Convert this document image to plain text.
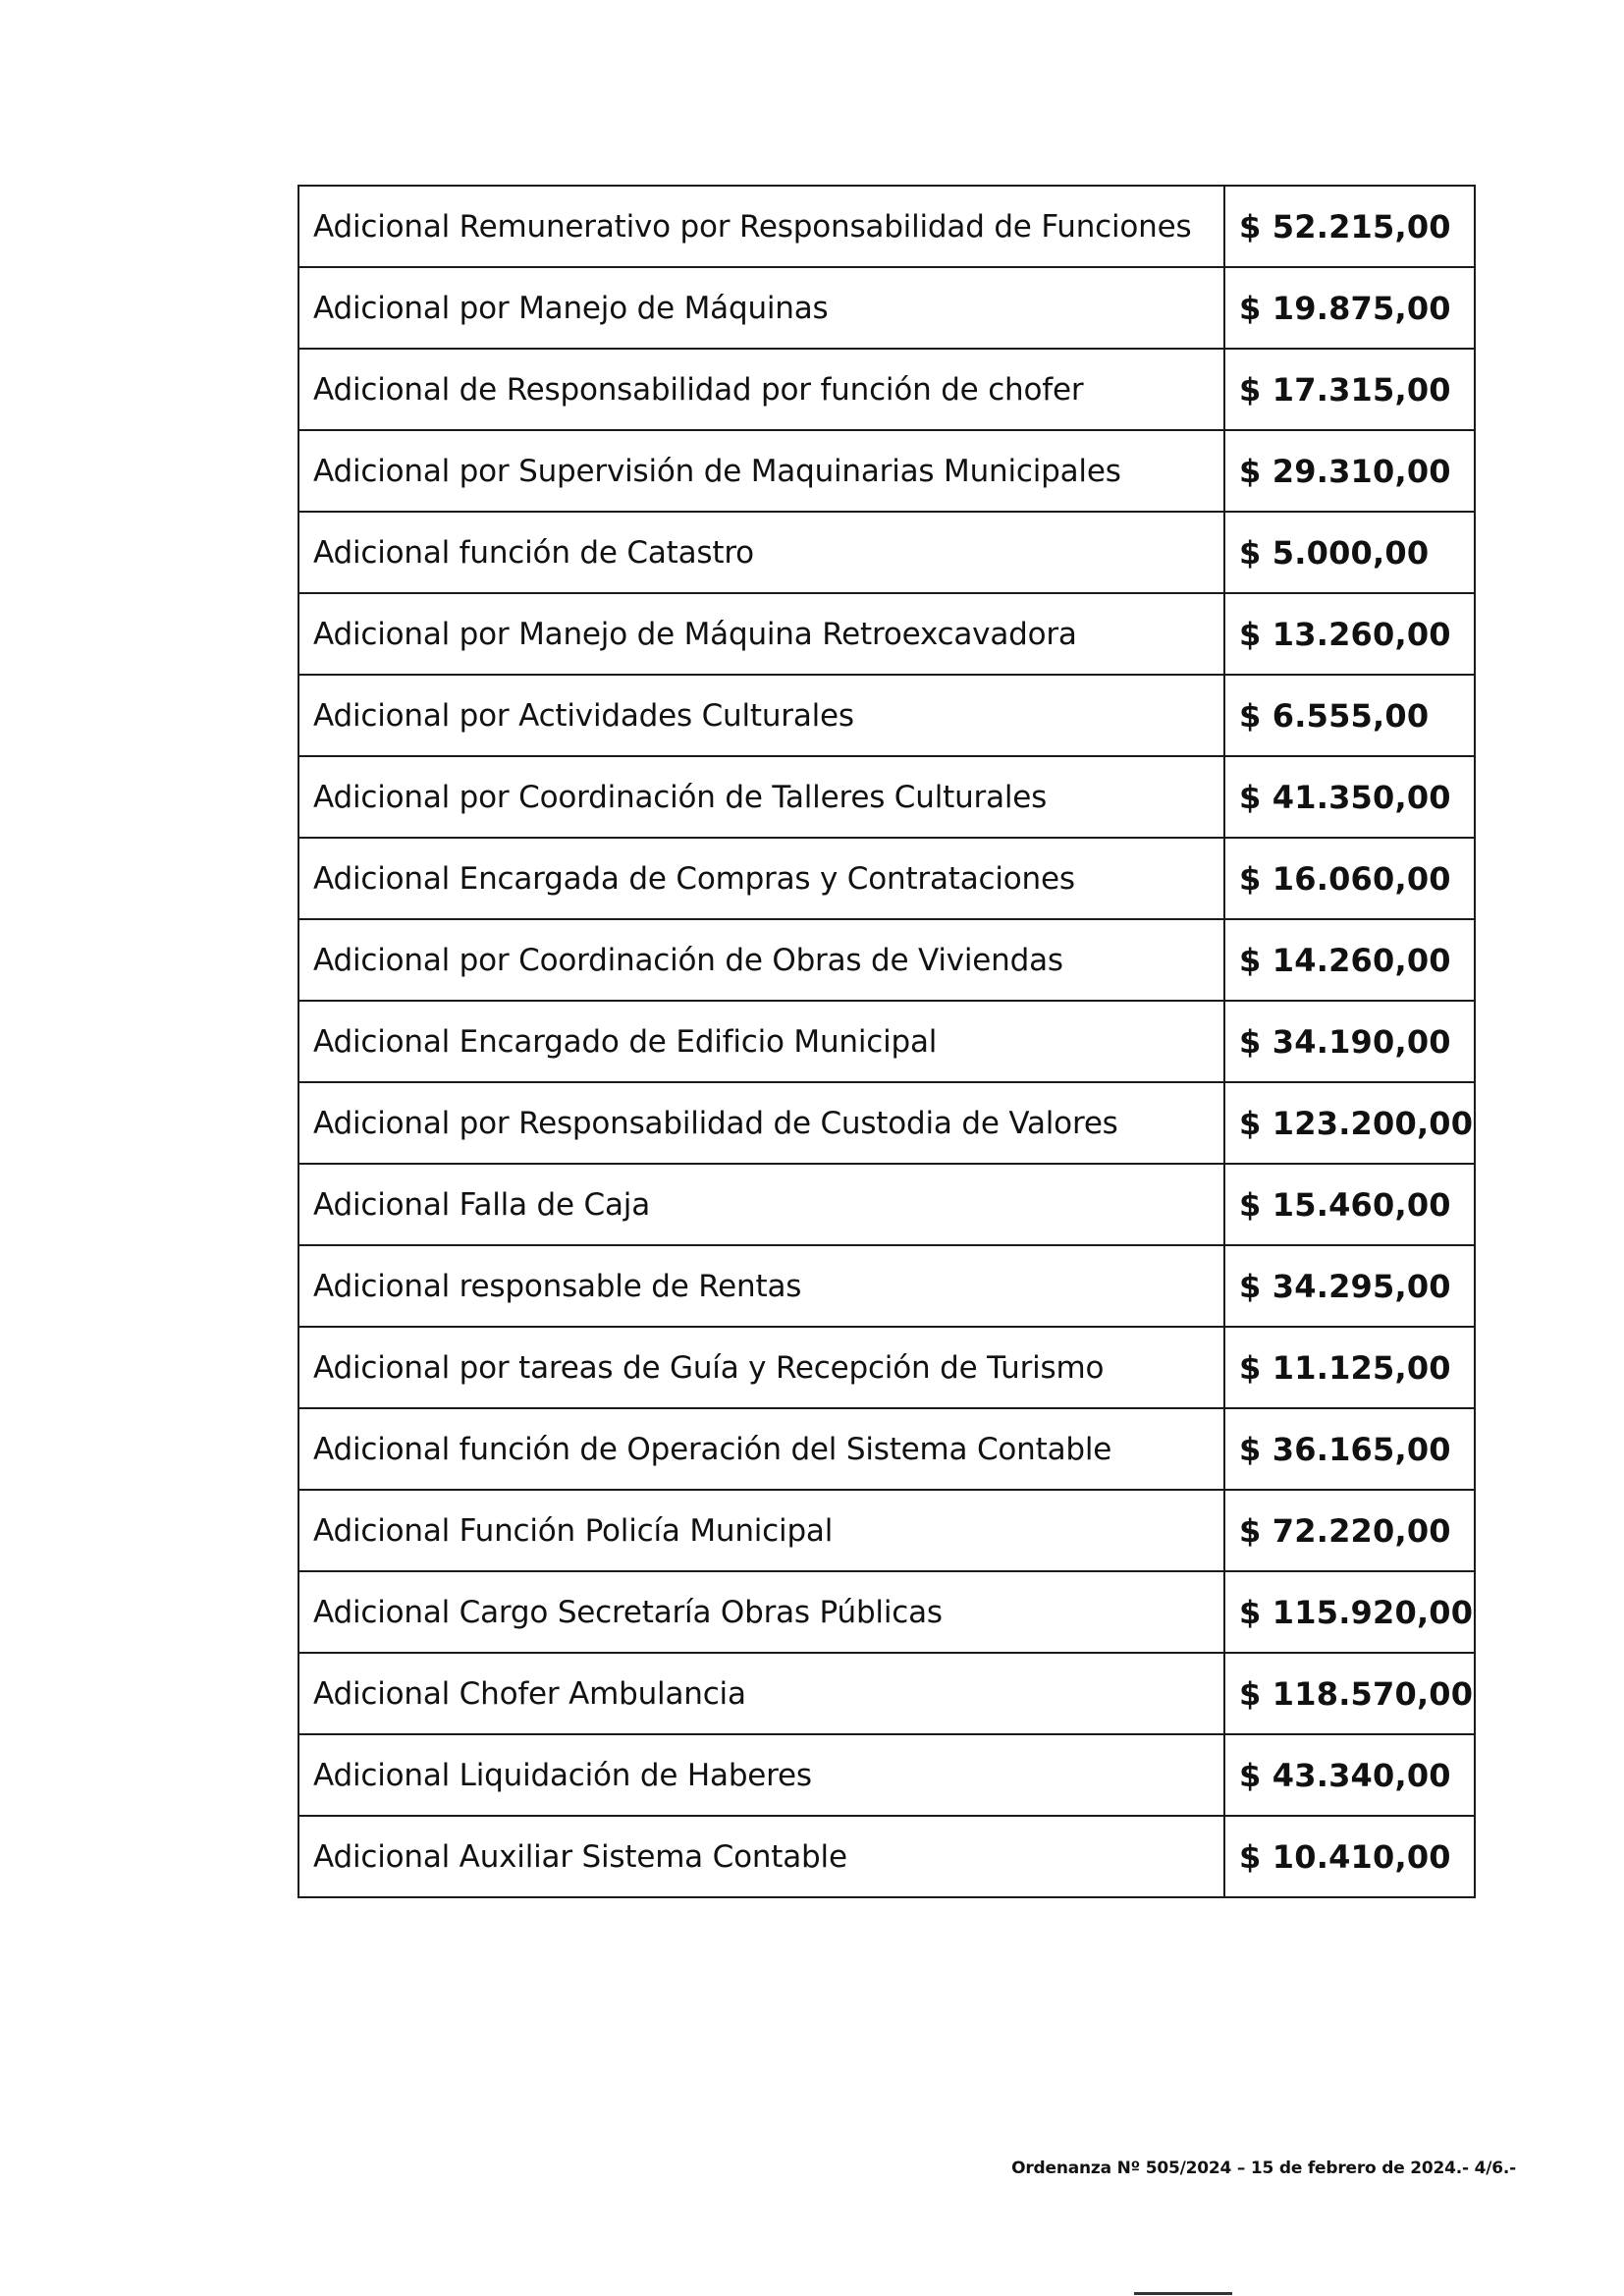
Adicional Remunerativo por Responsabilidad de Funciones	$ 52.215,00
Adicional por Manejo de Máquinas	$ 19.875,00
Adicional de Responsabilidad por función de chofer	$ 17.315,00
Adicional por Supervisión de Maquinarias Municipales	$ 29.310,00
Adicional función de Catastro	$ 5.000,00
Adicional por Manejo de Máquina Retroexcavadora	$ 13.260,00
Adicional por Actividades Culturales	$ 6.555,00
Adicional por Coordinación de Talleres Culturales	$ 41.350,00
Adicional Encargada de Compras y Contrataciones	$ 16.060,00
Adicional por Coordinación de Obras de Viviendas	$ 14.260,00
Adicional Encargado de Edificio Municipal	$ 34.190,00
Adicional por Responsabilidad de Custodia de Valores	$ 123.200,00
Adicional Falla de Caja	$ 15.460,00
Adicional responsable de Rentas	$ 34.295,00
Adicional por tareas de Guía y Recepción de Turismo	$ 11.125,00
Adicional función de Operación del Sistema Contable	$ 36.165,00
Adicional Función Policía Municipal	$ 72.220,00
Adicional Cargo Secretaría Obras Públicas	$ 115.920,00
Adicional Chofer Ambulancia	$ 118.570,00
Adicional Liquidación de Haberes	$ 43.340,00
Adicional Auxiliar Sistema Contable	$ 10.410,00
Ordenanza Nº 505/2024 – 15 de febrero de 2024.- 4/6.-
